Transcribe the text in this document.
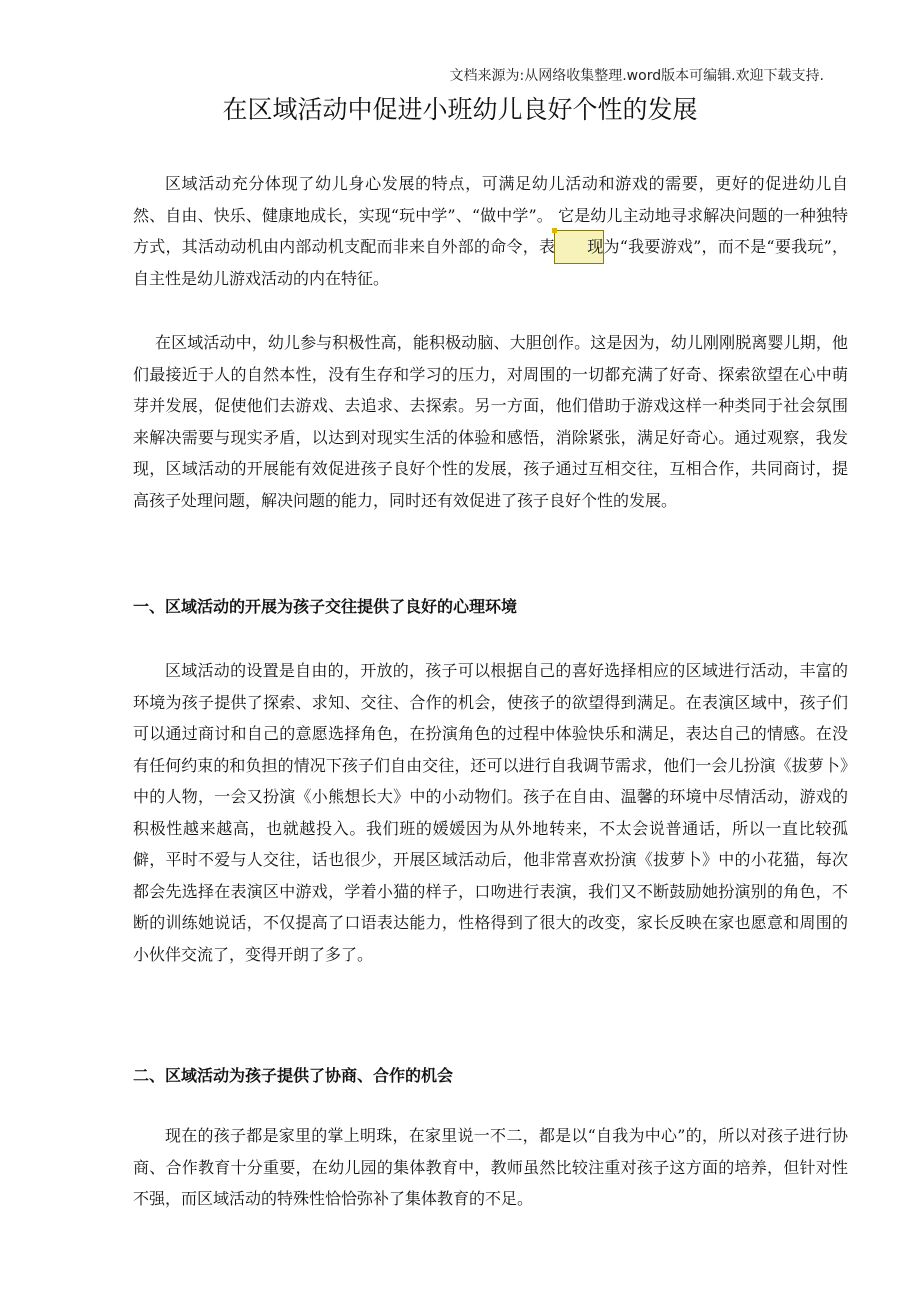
文档来源为:从网络收集整理.word版本可编辑.欢迎下载支持.
在区域活动中促进小班幼儿良好个性的发展

区域活动充分体现了幼儿身心发展的特点，可满足幼儿活动和游戏的需要，更好的促进幼儿自然、自由、快乐、健康地成长，实现“玩中学”、“做中学”。 它是幼儿主动地寻求解决问题的一种独特方式，其活动动机由内部动机支配而非来自外部的命令，表 现为“我要游戏”，而不是“要我玩”，自主性是幼儿游戏活动的内在特征。

在区域活动中，幼儿参与积极性高，能积极动脑、大胆创作。这是因为，幼儿刚刚脱离婴儿期，他们最接近于人的自然本性，没有生存和学习的压力，对周围的一切都充满了好奇、探索欲望在心中萌芽并发展，促使他们去游戏、去追求、去探索。另一方面，他们借助于游戏这样一种类同于社会氛围来解决需要与现实矛盾，以达到对现实生活的体验和感悟，消除紧张，满足好奇心。通过观察，我发现，区域活动的开展能有效促进孩子良好个性的发展，孩子通过互相交往，互相合作，共同商讨，提高孩子处理问题，解决问题的能力，同时还有效促进了孩子良好个性的发展。

一、区域活动的开展为孩子交往提供了良好的心理环境

区域活动的设置是自由的，开放的，孩子可以根据自己的喜好选择相应的区域进行活动，丰富的环境为孩子提供了探索、求知、交往、合作的机会，使孩子的欲望得到满足。在表演区域中，孩子们可以通过商讨和自己的意愿选择角色，在扮演角色的过程中体验快乐和满足，表达自己的情感。在没有任何约束的和负担的情况下孩子们自由交往，还可以进行自我调节需求，他们一会儿扮演《拔萝卜》中的人物，一会又扮演《小熊想长大》中的小动物们。孩子在自由、温馨的环境中尽情活动，游戏的积极性越来越高，也就越投入。我们班的媛媛因为从外地转来，不太会说普通话，所以一直比较孤僻，平时不爱与人交往，话也很少，开展区域活动后，他非常喜欢扮演《拔萝卜》中的小花猫，每次都会先选择在表演区中游戏，学着小猫的样子，口吻进行表演，我们又不断鼓励她扮演别的角色，不断的训练她说话，不仅提高了口语表达能力，性格得到了很大的改变，家长反映在家也愿意和周围的小伙伴交流了，变得开朗了多了。

二、区域活动为孩子提供了协商、合作的机会

现在的孩子都是家里的掌上明珠，在家里说一不二，都是以“自我为中心”的，所以对孩子进行协商、合作教育十分重要，在幼儿园的集体教育中，教师虽然比较注重对孩子这方面的培养，但针对性不强，而区域活动的特殊性恰恰弥补了集体教育的不足。
